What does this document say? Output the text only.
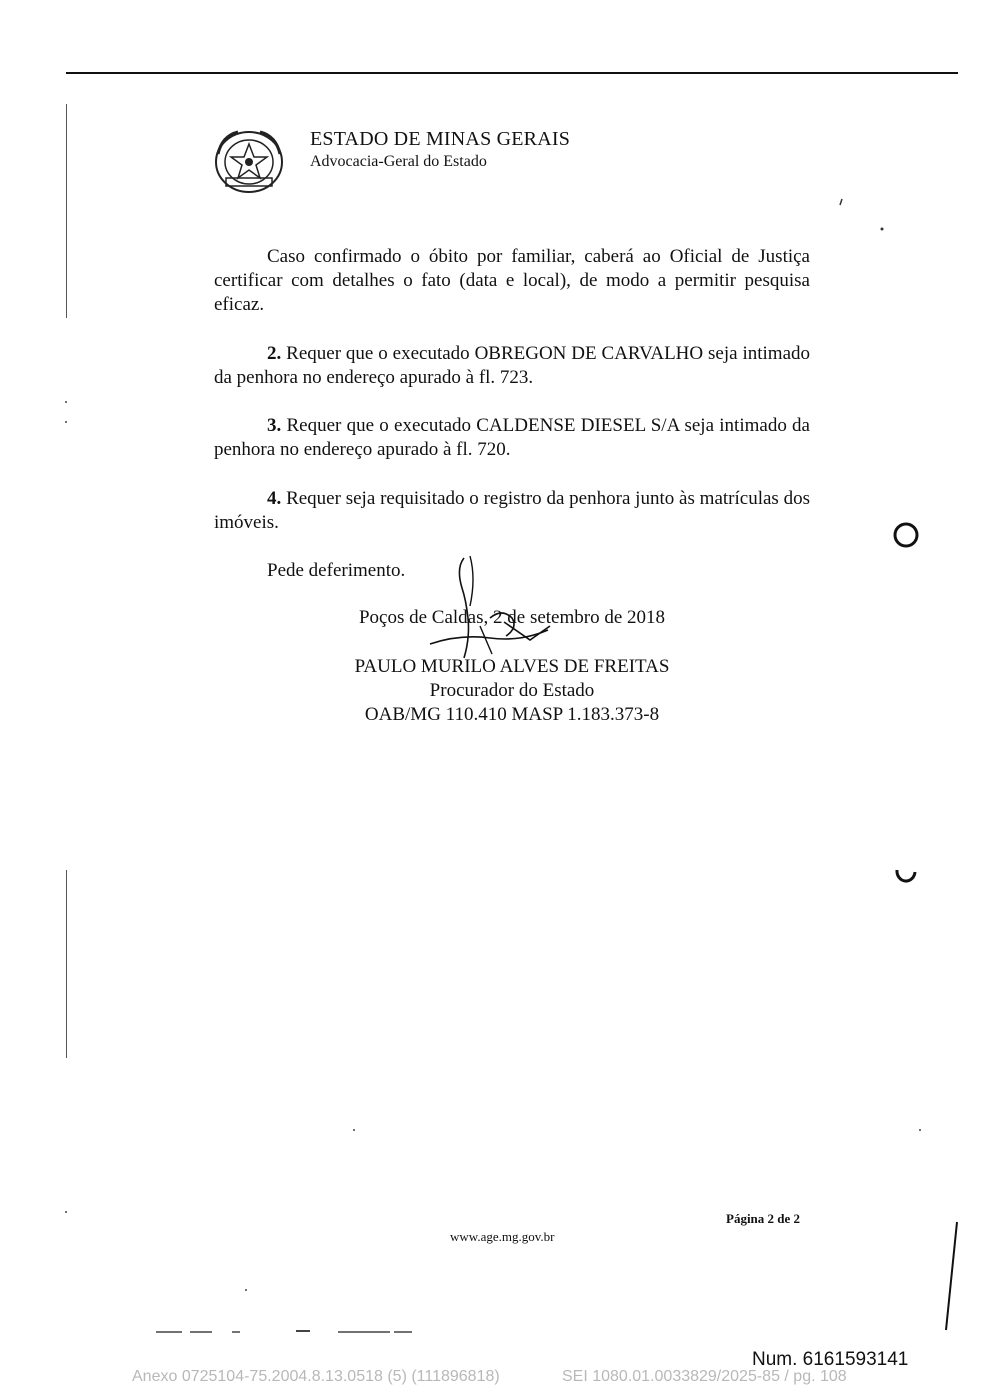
ESTADO DE MINAS GERAIS
Advocacia-Geral do Estado
Caso confirmado o óbito por familiar, caberá ao Oficial de Justiça certificar com detalhes o fato (data e local), de modo a permitir pesquisa eficaz.
2. Requer que o executado OBREGON DE CARVALHO seja intimado da penhora no endereço apurado à fl. 723.
3. Requer que o executado CALDENSE DIESEL S/A seja intimado da penhora no endereço apurado à fl. 720.
4. Requer seja requisitado o registro da penhora junto às matrículas dos imóveis.
Pede deferimento.
Poços de Caldas, 2 de setembro de 2018
PAULO MURILO ALVES DE FREITAS
Procurador do Estado
OAB/MG 110.410 MASP 1.183.373-8
Página 2 de 2
www.age.mg.gov.br
Num. 6161593141
Anexo 0725104-75.2004.8.13.0518 (5) (111896818)	SEI 1080.01.0033829/2025-85 / pg. 108
